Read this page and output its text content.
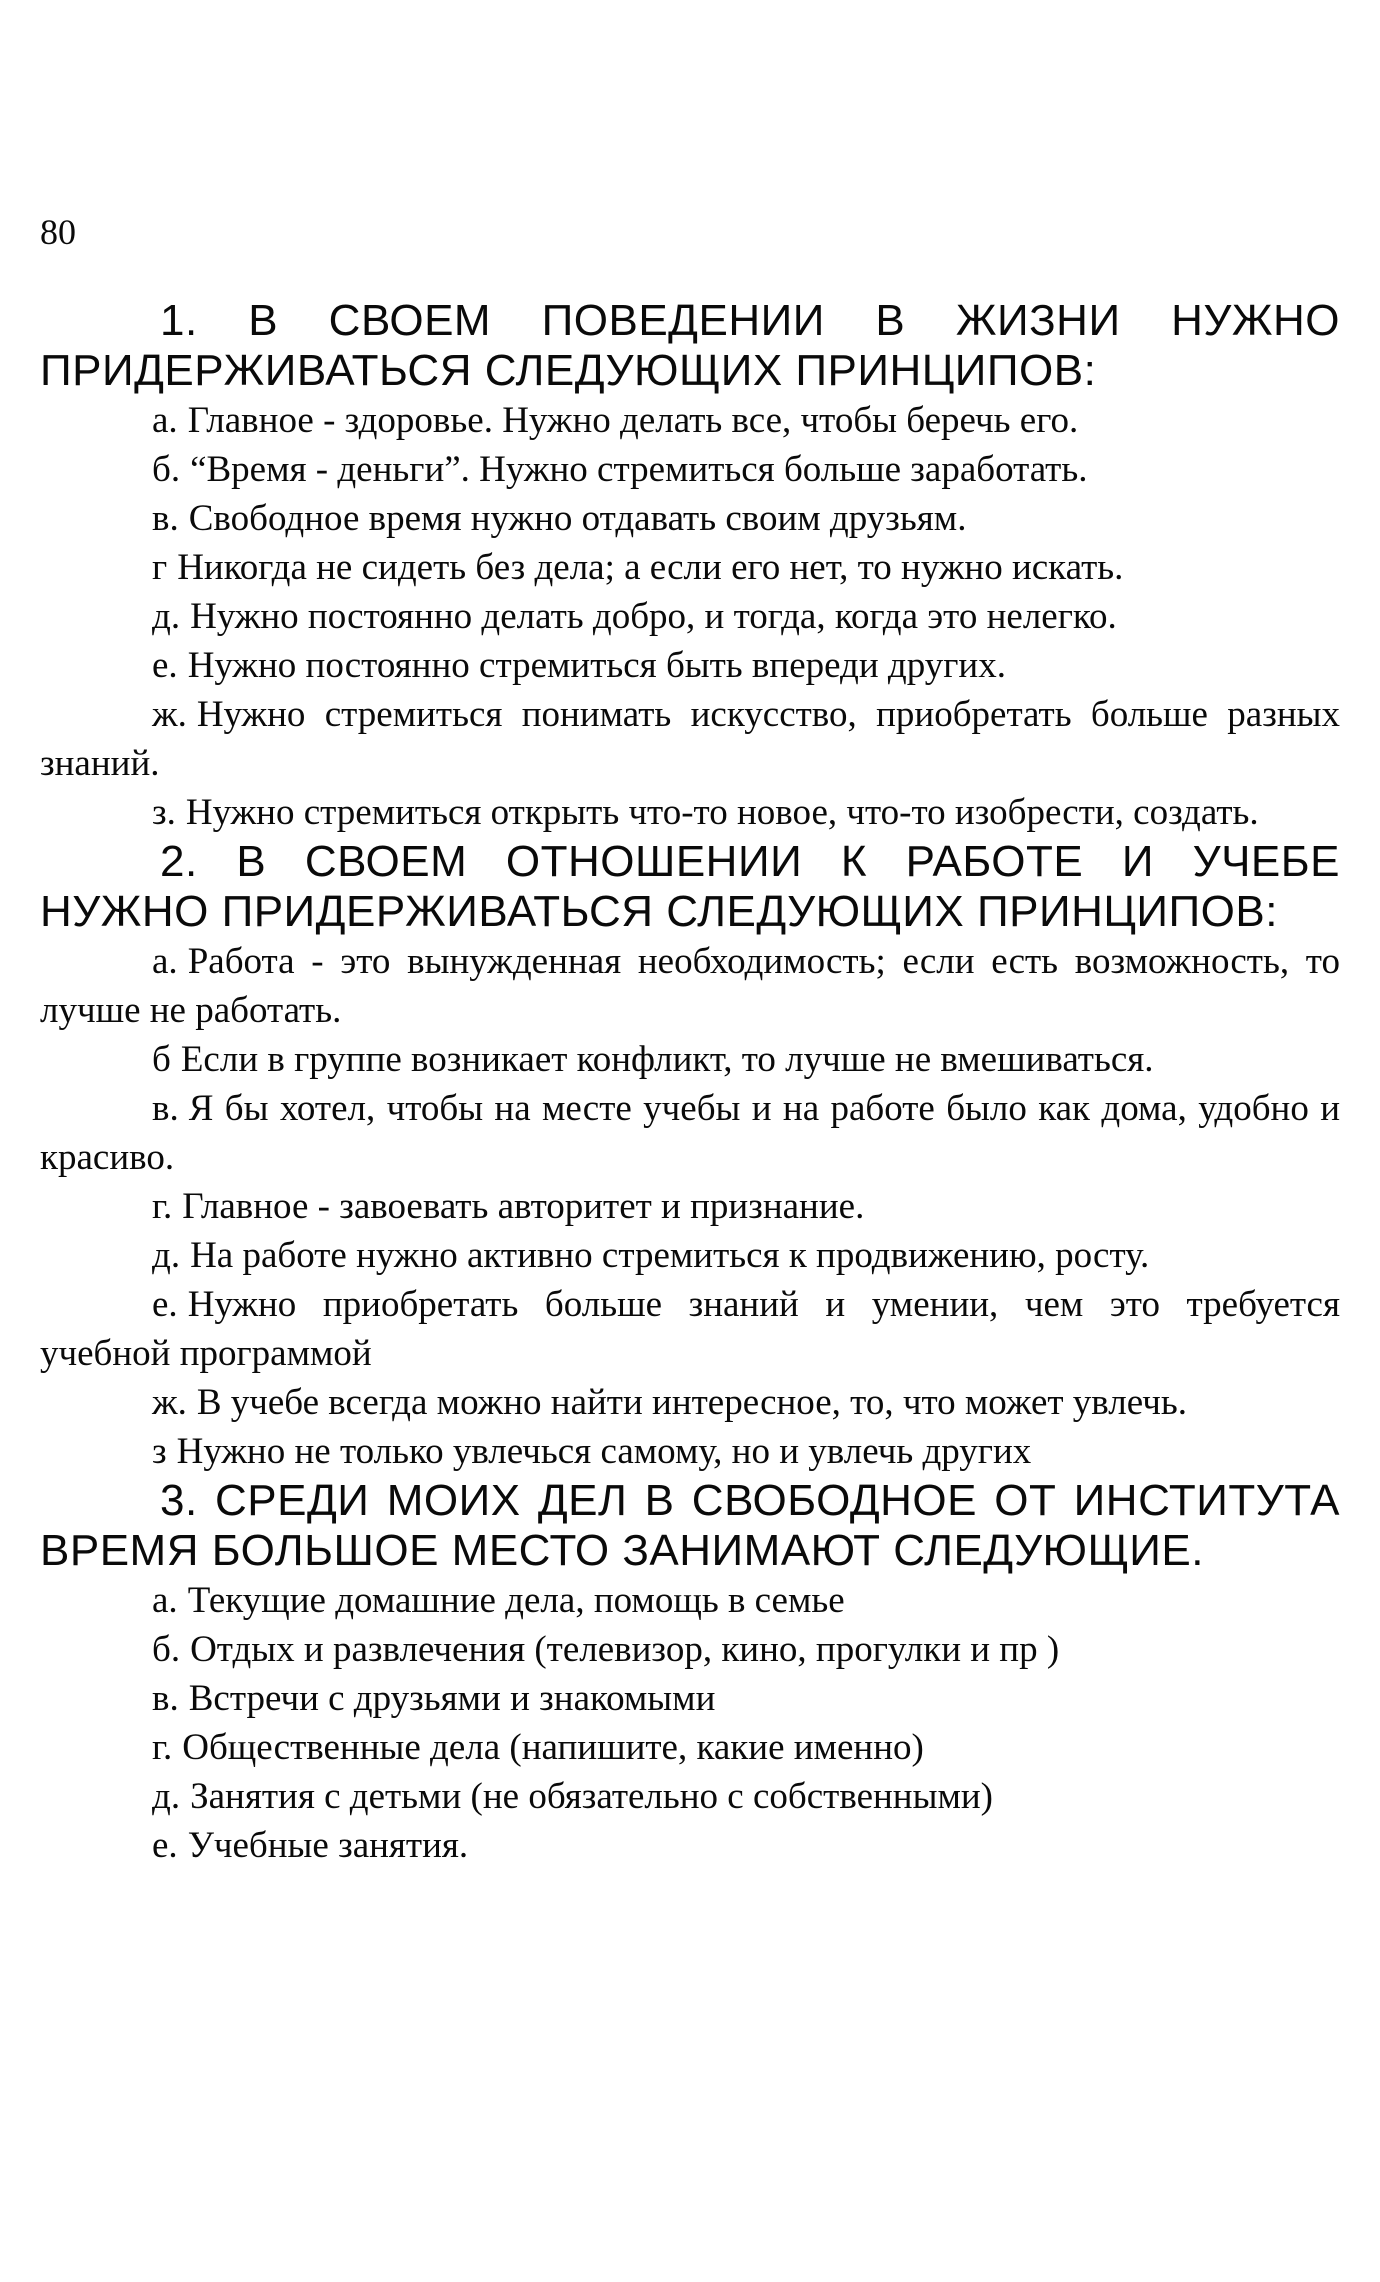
80

1. В СВОЕМ ПОВЕДЕНИИ В ЖИЗНИ НУЖНО ПРИДЕРЖИВАТЬСЯ СЛЕДУЮЩИХ ПРИНЦИПОВ:

а. Главное - здоровье. Нужно делать все, чтобы беречь его.

б. “Время - деньги”. Нужно стремиться больше заработать.

в. Свободное время нужно отдавать своим друзьям.

г Никогда не сидеть без дела; а если его нет, то нужно искать.

д. Нужно постоянно делать добро, и тогда, когда это нелегко.

е. Нужно постоянно стремиться быть впереди других.

ж. Нужно стремиться понимать искусство, приобретать больше разных знаний.

з. Нужно стремиться открыть что-то новое, что-то изобрести, создать.

2. В СВОЕМ ОТНОШЕНИИ К РАБОТЕ И УЧЕБЕ НУЖНО ПРИДЕРЖИВАТЬСЯ СЛЕДУЮЩИХ ПРИНЦИПОВ:

а. Работа - это вынужденная необходимость; если есть возможность, то лучше не работать.

б Если в группе возникает конфликт, то лучше не вмешиваться.

в. Я бы хотел, чтобы на месте учебы и на работе было как дома, удобно и красиво.

г. Главное - завоевать авторитет и признание.

д. На работе нужно активно стремиться к продвижению, росту.

е. Нужно приобретать больше знаний и умении, чем это требуется учебной программой

ж. В учебе всегда можно найти интересное, то, что может увлечь.

з Нужно не только увлечься самому, но и увлечь других

3. СРЕДИ МОИХ ДЕЛ В СВОБОДНОЕ ОТ ИНСТИТУТА ВРЕМЯ БОЛЬШОЕ МЕСТО ЗАНИМАЮТ СЛЕДУЮЩИЕ.

а. Текущие домашние дела, помощь в семье

б. Отдых и развлечения (телевизор, кино, прогулки и пр )

в. Встречи с друзьями и знакомыми

г. Общественные дела (напишите, какие именно)

д. Занятия с детьми (не обязательно с собственными)

е. Учебные занятия.
